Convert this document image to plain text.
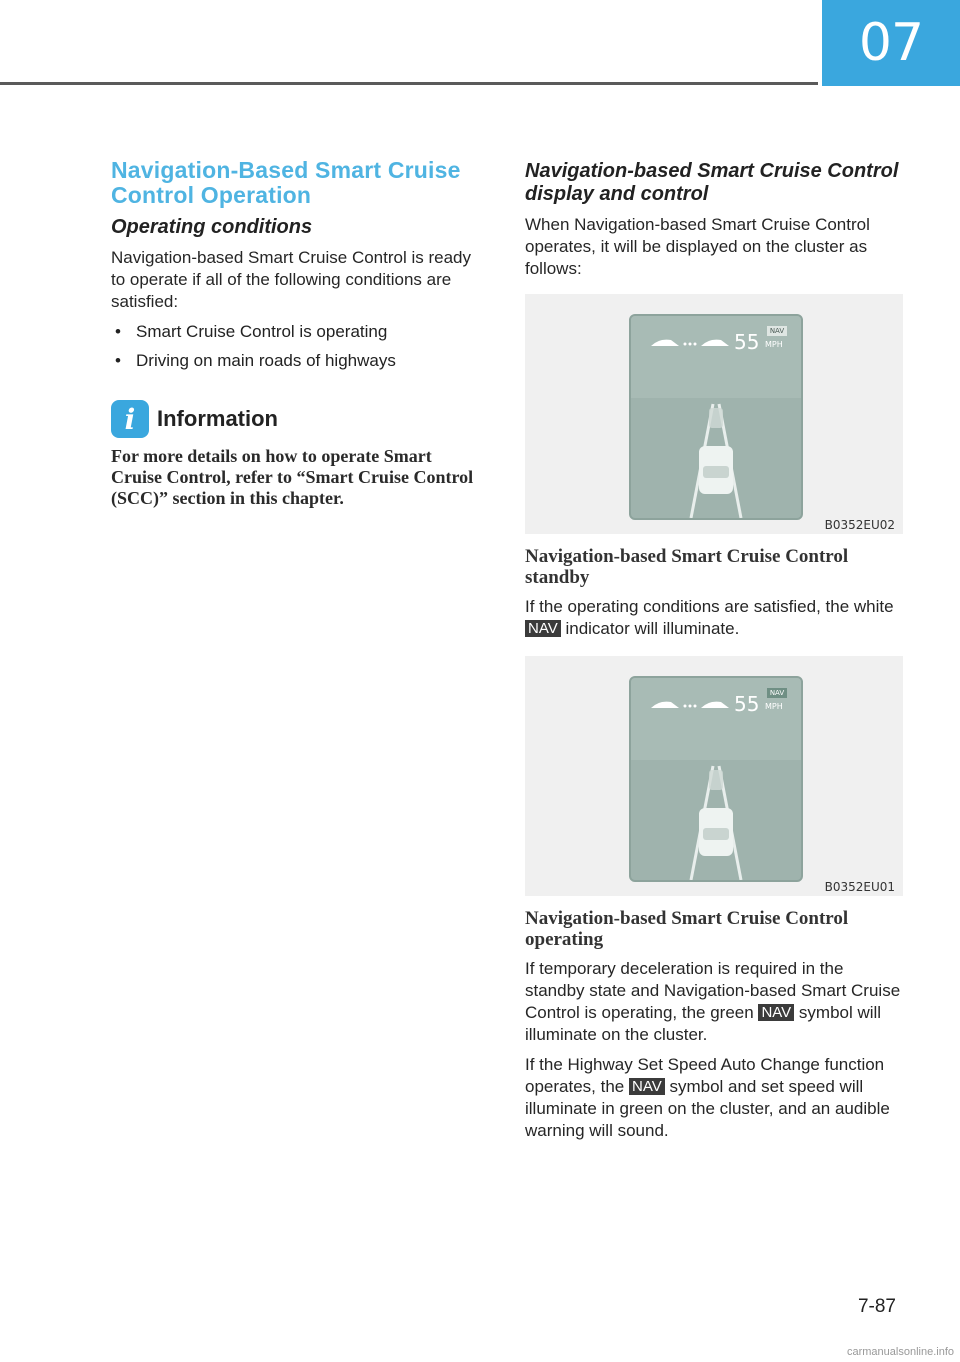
07
Navigation-Based Smart Cruise Control Operation
Operating conditions

Navigation-based Smart Cruise Control is ready to operate if all of the following conditions are satisfied:

• Smart Cruise Control is operating
• Driving on main roads of highways
i Information
For more details on how to operate Smart Cruise Control, refer to “Smart Cruise Control (SCC)” section in this chapter.
Navigation-based Smart Cruise Control display and control

When Navigation-based Smart Cruise Control operates, it will be displayed on the cluster as follows:

55	NAV
MPH
B0352EU02
Navigation-based Smart Cruise Control standby

If the operating conditions are satisfied, the white NAV indicator will illuminate.

55	NAV
MPH
B0352EU01
Navigation-based Smart Cruise Control operating

If temporary deceleration is required in the standby state and Navigation-based Smart Cruise Control is operating, the green NAV symbol will illuminate on the cluster.

If the Highway Set Speed Auto Change function operates, the NAV symbol and set speed will illuminate in green on the cluster, and an audible warning will sound.

7-87
carmanualsonline.info
